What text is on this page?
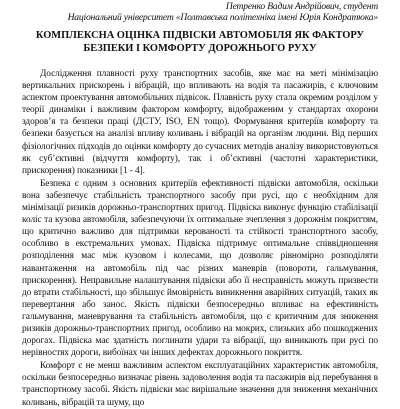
Петренко Вадим Андрійович, студент
Національний університет «Полтавська політехніка імені Юрія Кондратюка»
КОМПЛЕКСНА ОЦІНКА ПІДВІСКИ АВТОМОБІЛЯ ЯК ФАКТОРУ
БЕЗПЕКИ І КОМФОРТУ ДОРОЖНЬОГО РУХУ

Дослідження плавності руху транспортних засобів, яке має на меті мінімізацію вертикальних прискорень і вібрацій, що впливають на водія та пасажирів, є ключовим аспектом проектування автомобільних підвісок. Плавність руху стала окремим розділом у теорії динаміки і важливим фактором комфорту, відображеним у стандартах охорони здоров’я та безпеки праці (ДСТУ, ISO, EN тощо). Формування критеріїв комфорту та безпеки базується на аналізі впливу коливань і вібрацій на організм людини. Від перших фізіологічних підходів до оцінки комфорту до сучасних методів аналізу використовуються як суб’єктивні (відчуття комфорту), так і об’єктивні (частотні характеристики, прискорення) показники [1 - 4].

Безпека є одним з основних критеріїв ефективності підвіски автомобіля, оскільки вона забезпечує стабільність транспортного засобу при русі, що є необхідним для мінімізації ризиків дорожньо-транспортних пригод. Підвіска виконує функцію стабілізації коліс та кузова автомобіля, забезпечуючи їх оптимальне зчеплення з дорожнім покриттям, що критично важливо для підтримки керованості та стійкості транспортного засобу, особливо в екстремальних умовах. Підвіска підтримує оптимальне співвідношення розподілення мас між кузовом і колесами, що дозволяє рівномірно розподіляти навантаження на автомобіль під час різних маневрів (повороти, гальмування, прискорення). Неправильне налаштування підвіски або її несправність можуть призвести до втрати стабільності, що збільшує ймовірність виникнення аварійних ситуацій, таких як перевертання або занос. Якість підвіски безпосередньо впливає на ефективність гальмування, маневрування та стабільність автомобіля, що є критичним для зниження ризиків дорожньо-транспортних пригод, особливо на мокрих, слизьких або пошкоджених дорогах. Підвіска має здатність поглинати удари та вібрації, що виникають при русі по нерівностях дороги, вибоїнах чи інших дефектах дорожнього покриття.

Комфорт є не менш важливим аспектом експлуатаційних характеристик автомобіля, оскільки безпосередньо визначає рівень задоволення водія та пасажирів від перебування в транспортному засобі. Якість підвіски має вирішальне значення для зниження механічних коливань, вібрацій та шуму, що
